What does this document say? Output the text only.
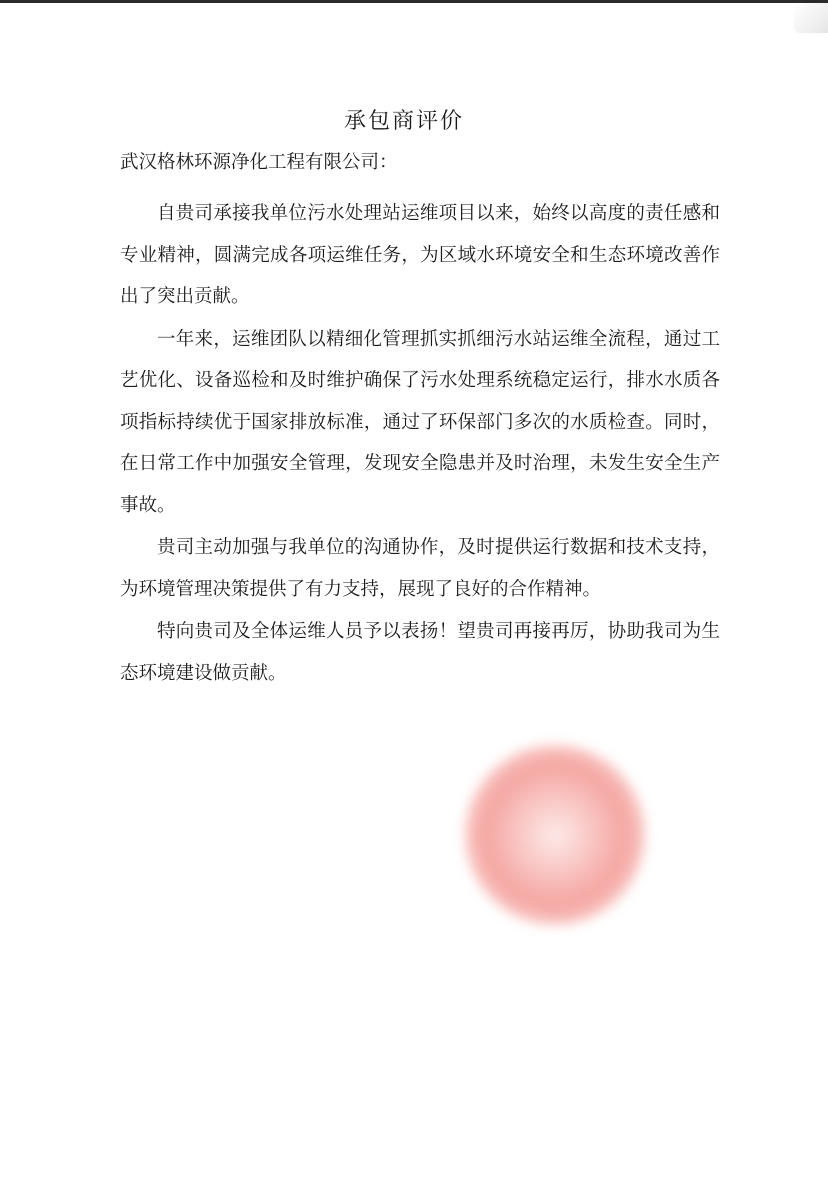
承包商评价

武汉格林环源净化工程有限公司：

自贵司承接我单位污水处理站运维项目以来，始终以高度的责任感和专业精神，圆满完成各项运维任务，为区域水环境安全和生态环境改善作出了突出贡献。

一年来，运维团队以精细化管理抓实抓细污水站运维全流程，通过工艺优化、设备巡检和及时维护确保了污水处理系统稳定运行，排水水质各项指标持续优于国家排放标准，通过了环保部门多次的水质检查。同时，在日常工作中加强安全管理，发现安全隐患并及时治理，未发生安全生产事故。

贵司主动加强与我单位的沟通协作，及时提供运行数据和技术支持，为环境管理决策提供了有力支持，展现了良好的合作精神。

特向贵司及全体运维人员予以表扬！望贵司再接再厉，协助我司为生态环境建设做贡献。
